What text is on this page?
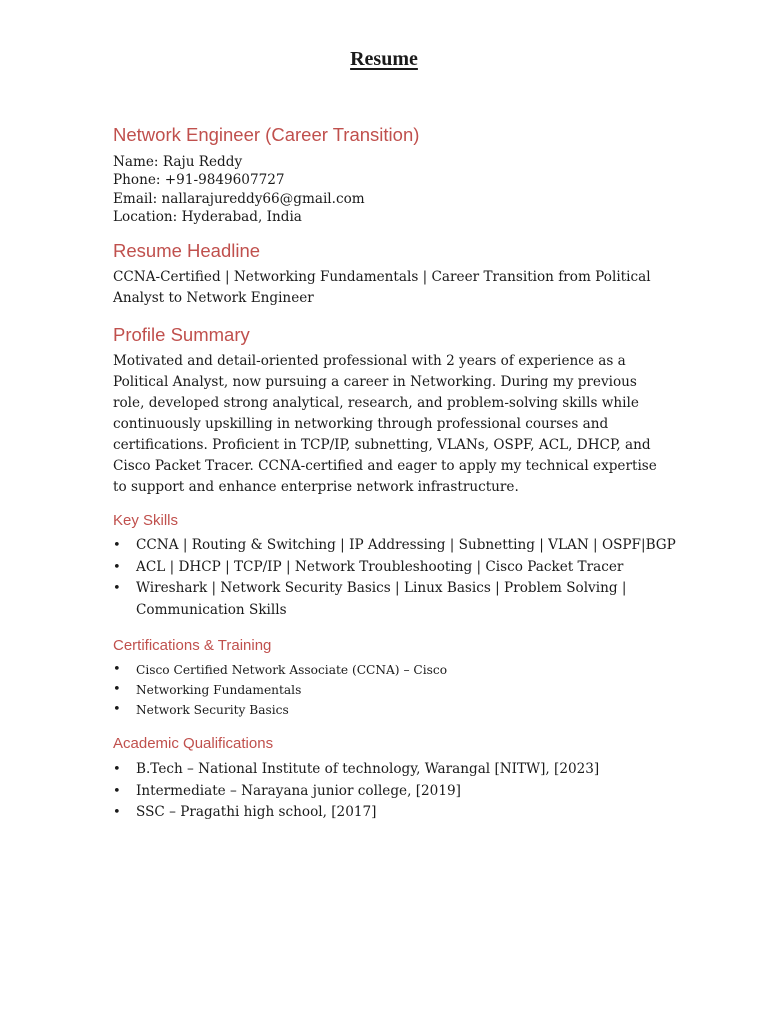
Resume
Network Engineer (Career Transition)

Name: Raju Reddy

Phone: +91-9849607727

Email: nallarajureddy66@gmail.com

Location: Hyderabad, India

Resume Headline

CCNA-Certified | Networking Fundamentals | Career Transition from Political

Analyst to Network Engineer

Profile Summary

Motivated and detail-oriented professional with 2 years of experience as a Political Analyst, now pursuing a career in Networking. During my previous role, developed strong analytical, research, and problem-solving skills while continuously upskilling in networking through professional courses and certifications. Proficient in TCP/IP, subnetting, VLANs, OSPF, ACL, DHCP, and Cisco Packet Tracer. CCNA-certified and eager to apply my technical expertise to support and enhance enterprise network infrastructure.

Key Skills
• CCNA | Routing & Switching | IP Addressing | Subnetting | VLAN | OSPF|BGP
• ACL | DHCP | TCP/IP | Network Troubleshooting | Cisco Packet Tracer
• Wireshark | Network Security Basics | Linux Basics | Problem Solving | Communication Skills
Certifications & Training
• Cisco Certified Network Associate (CCNA) – Cisco
• Networking Fundamentals
• Network Security Basics
Academic Qualifications
• B.Tech – National Institute of technology, Warangal [NITW], [2023]
• Intermediate – Narayana junior college, [2019]
• SSC – Pragathi high school, [2017]
